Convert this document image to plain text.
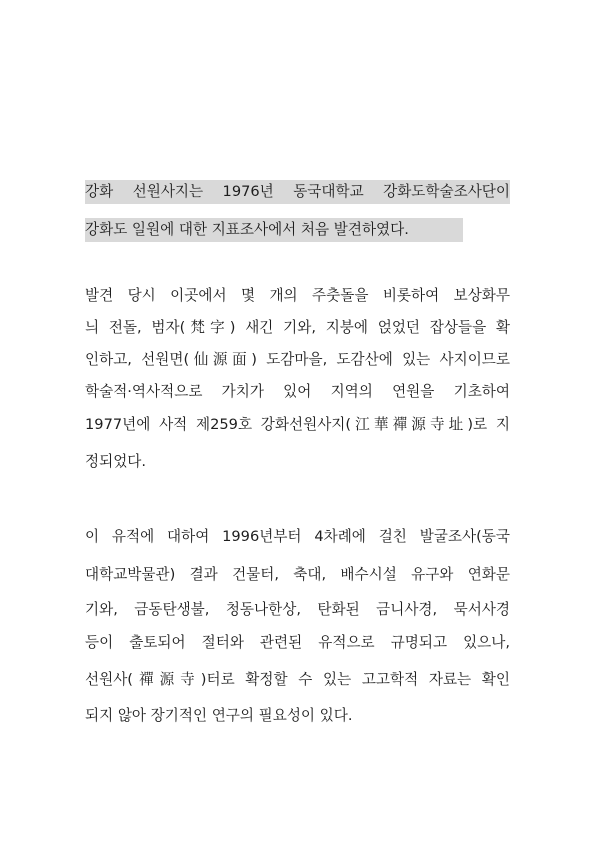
강화 선원사지는 1976년 동국대학교 강화도학술조사단이
강화도 일원에 대한 지표조사에서 처음 발견하였다.
발견 당시 이곳에서 몇 개의 주춧돌을 비롯하여 보상화무
늬 전돌, 범자(梵字) 새긴 기와, 지붕에 얹었던 잡상들을 확
인하고, 선원면(仙源面) 도감마을, 도감산에 있는 사지이므로
학술적·역사적으로 가치가 있어 지역의 연원을 기초하여
1977년에 사적 제259호 강화선원사지(江華禪源寺址)로 지
정되었다.
이 유적에 대하여 1996년부터 4차례에 걸친 발굴조사(동국
대학교박물관) 결과 건물터, 축대, 배수시설 유구와 연화문
기와, 금동탄생불, 청동나한상, 탄화된 금니사경, 묵서사경
등이 출토되어 절터와 관련된 유적으로 규명되고 있으나,
선원사(禪源寺)터로 확정할 수 있는 고고학적 자료는 확인
되지 않아 장기적인 연구의 필요성이 있다.
